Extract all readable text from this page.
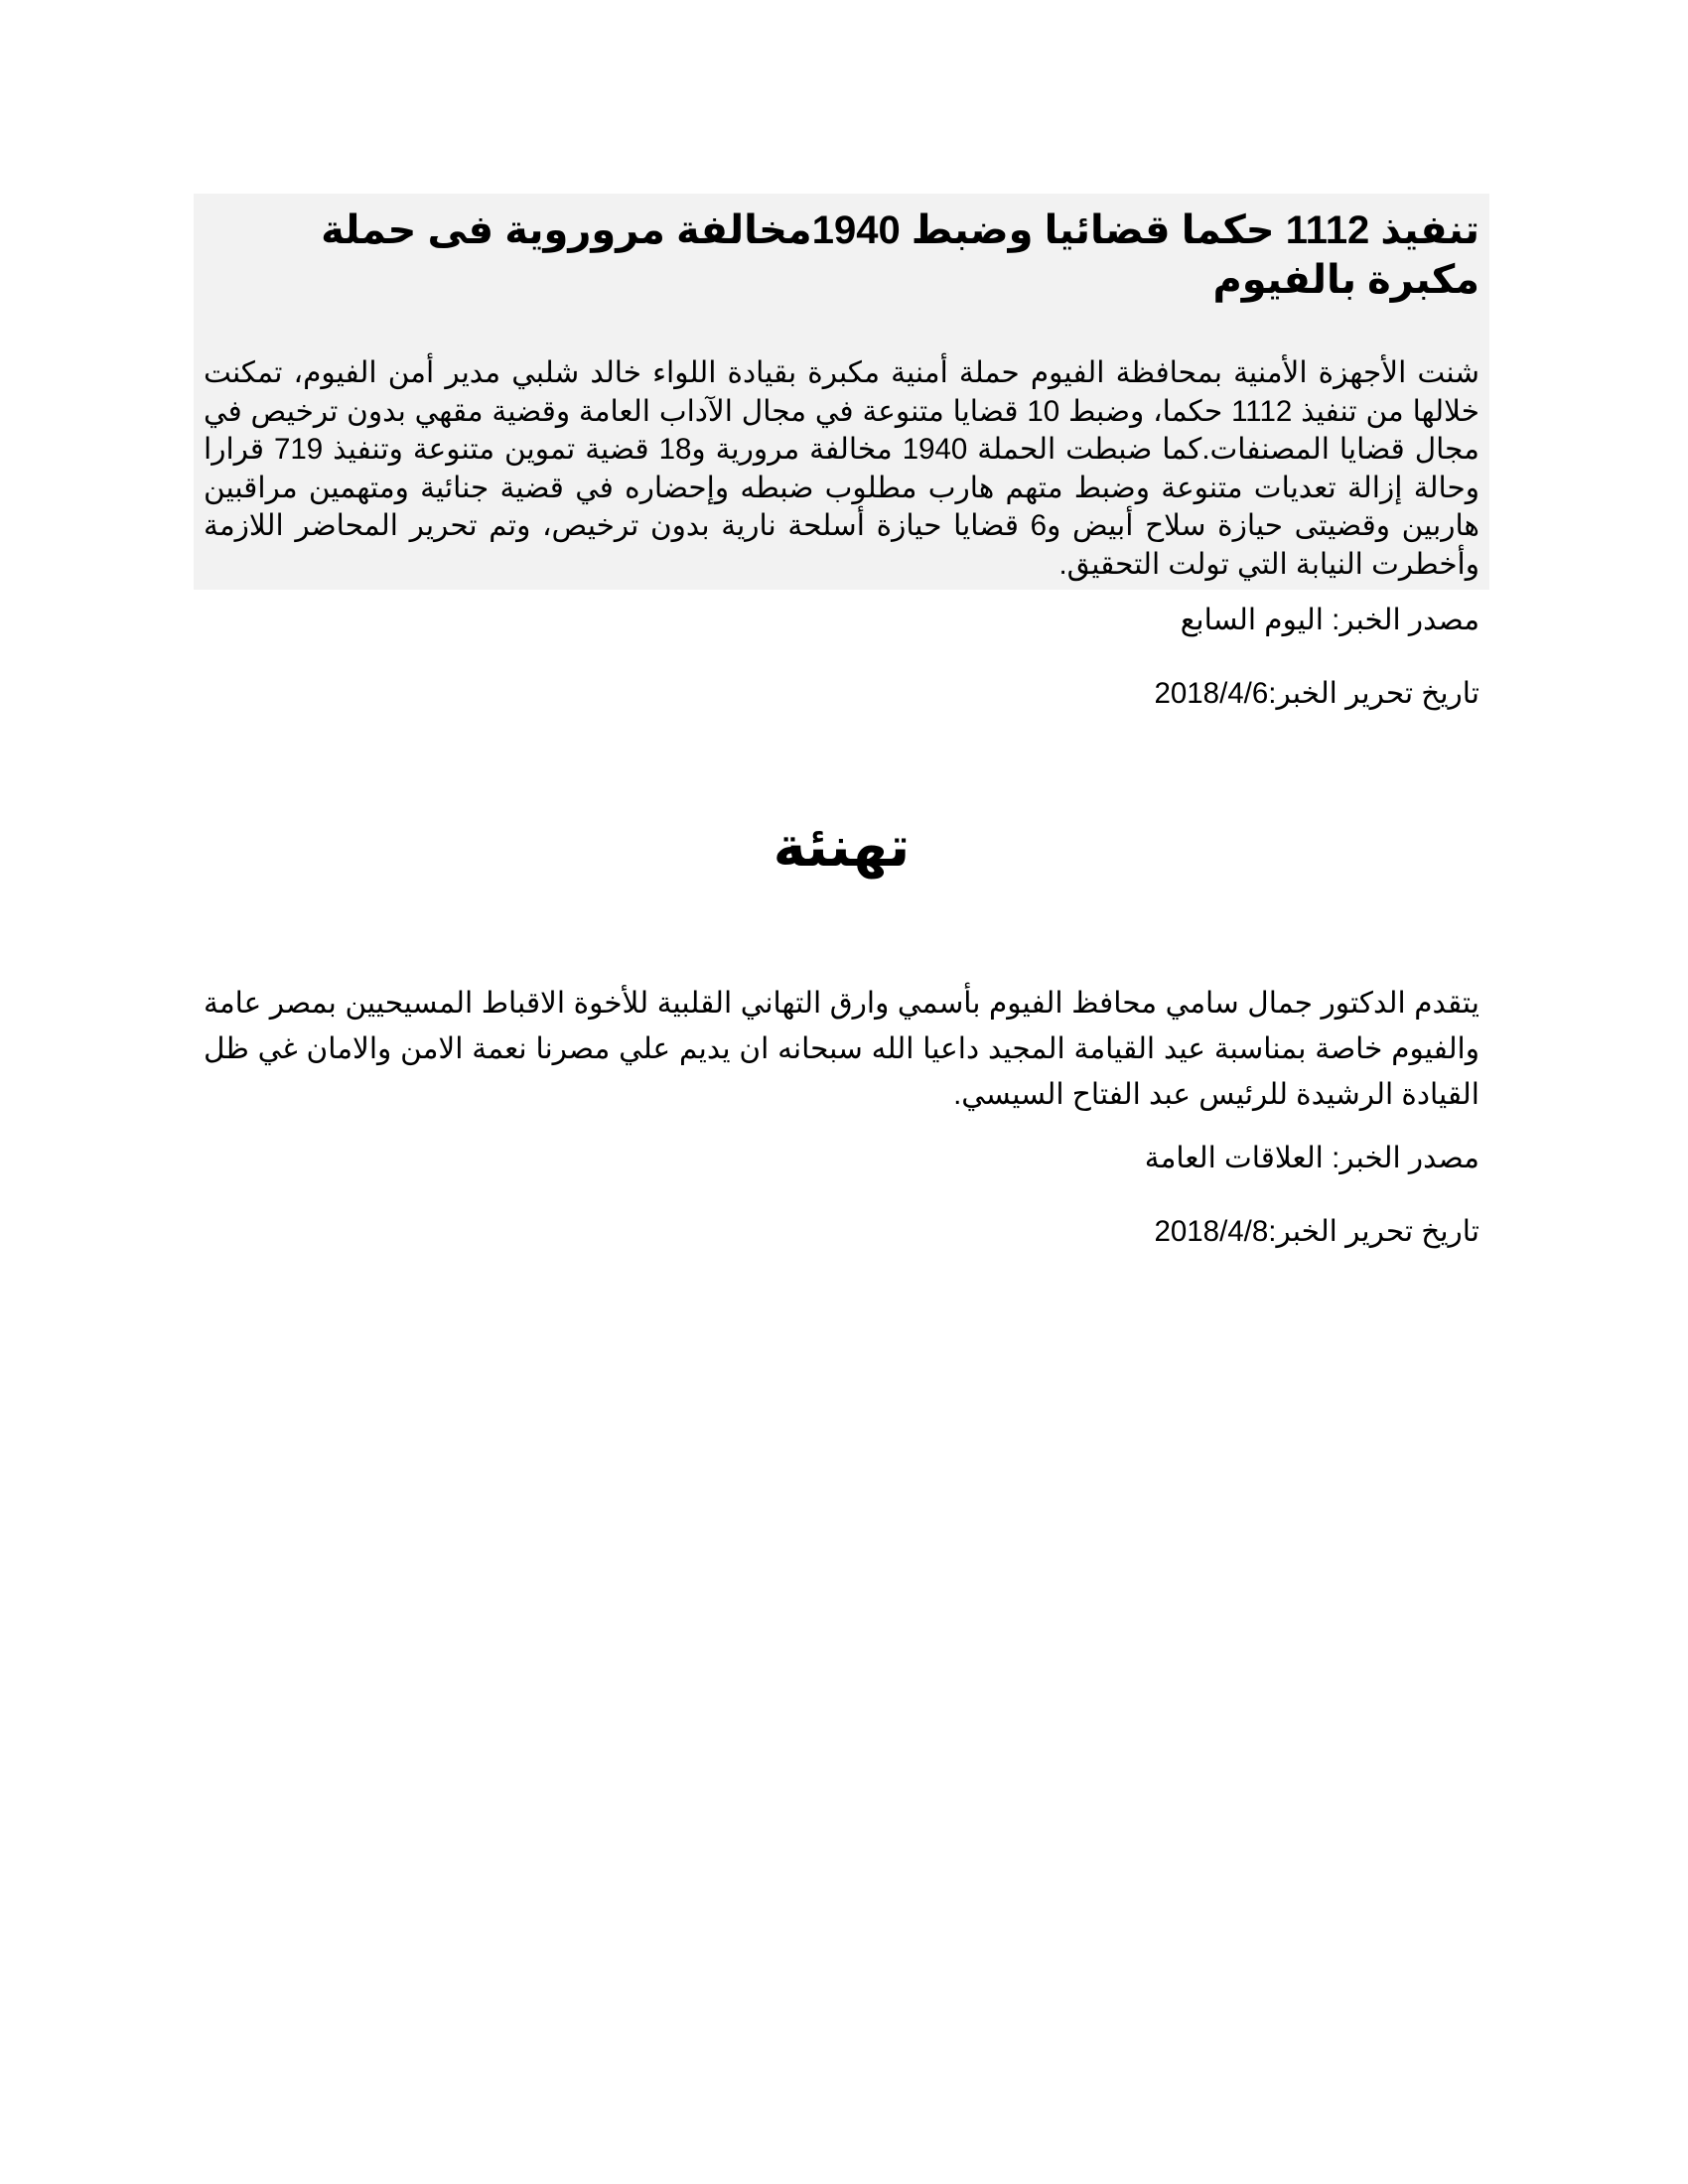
تنفيذ 1112 حكما قضائيا وضبط 1940مخالفة مروروية فى حملة مكبرة بالفيوم

شنت الأجهزة الأمنية بمحافظة الفيوم حملة أمنية مكبرة بقيادة اللواء خالد شلبي مدير أمن الفيوم، تمكنت خلالها من تنفيذ 1112 حكما، وضبط 10 قضايا متنوعة في مجال الآداب العامة وقضية مقهي بدون ترخيص في مجال قضايا المصنفات.كما ضبطت الحملة 1940 مخالفة مرورية و18 قضية تموين متنوعة وتنفيذ 719 قرارا وحالة إزالة تعديات متنوعة وضبط متهم هارب مطلوب ضبطه وإحضاره في قضية جنائية ومتهمين مراقبين هاربين وقضيتى حيازة سلاح أبيض و6 قضايا حيازة أسلحة نارية بدون ترخيص، وتم تحرير المحاضر اللازمة وأخطرت النيابة التي تولت التحقيق.

مصدر الخبر: اليوم السابع

تاريخ تحرير الخبر:2018/4/6

تهنئة

يتقدم الدكتور جمال سامي محافظ الفيوم بأسمي وارق التهاني القلبية للأخوة الاقباط المسيحيين بمصر عامة والفيوم خاصة بمناسبة عيد القيامة المجيد داعيا الله سبحانه ان يديم علي مصرنا نعمة الامن والامان غي ظل القيادة الرشيدة للرئيس عبد الفتاح السيسي.

مصدر الخبر: العلاقات العامة

تاريخ تحرير الخبر:2018/4/8
